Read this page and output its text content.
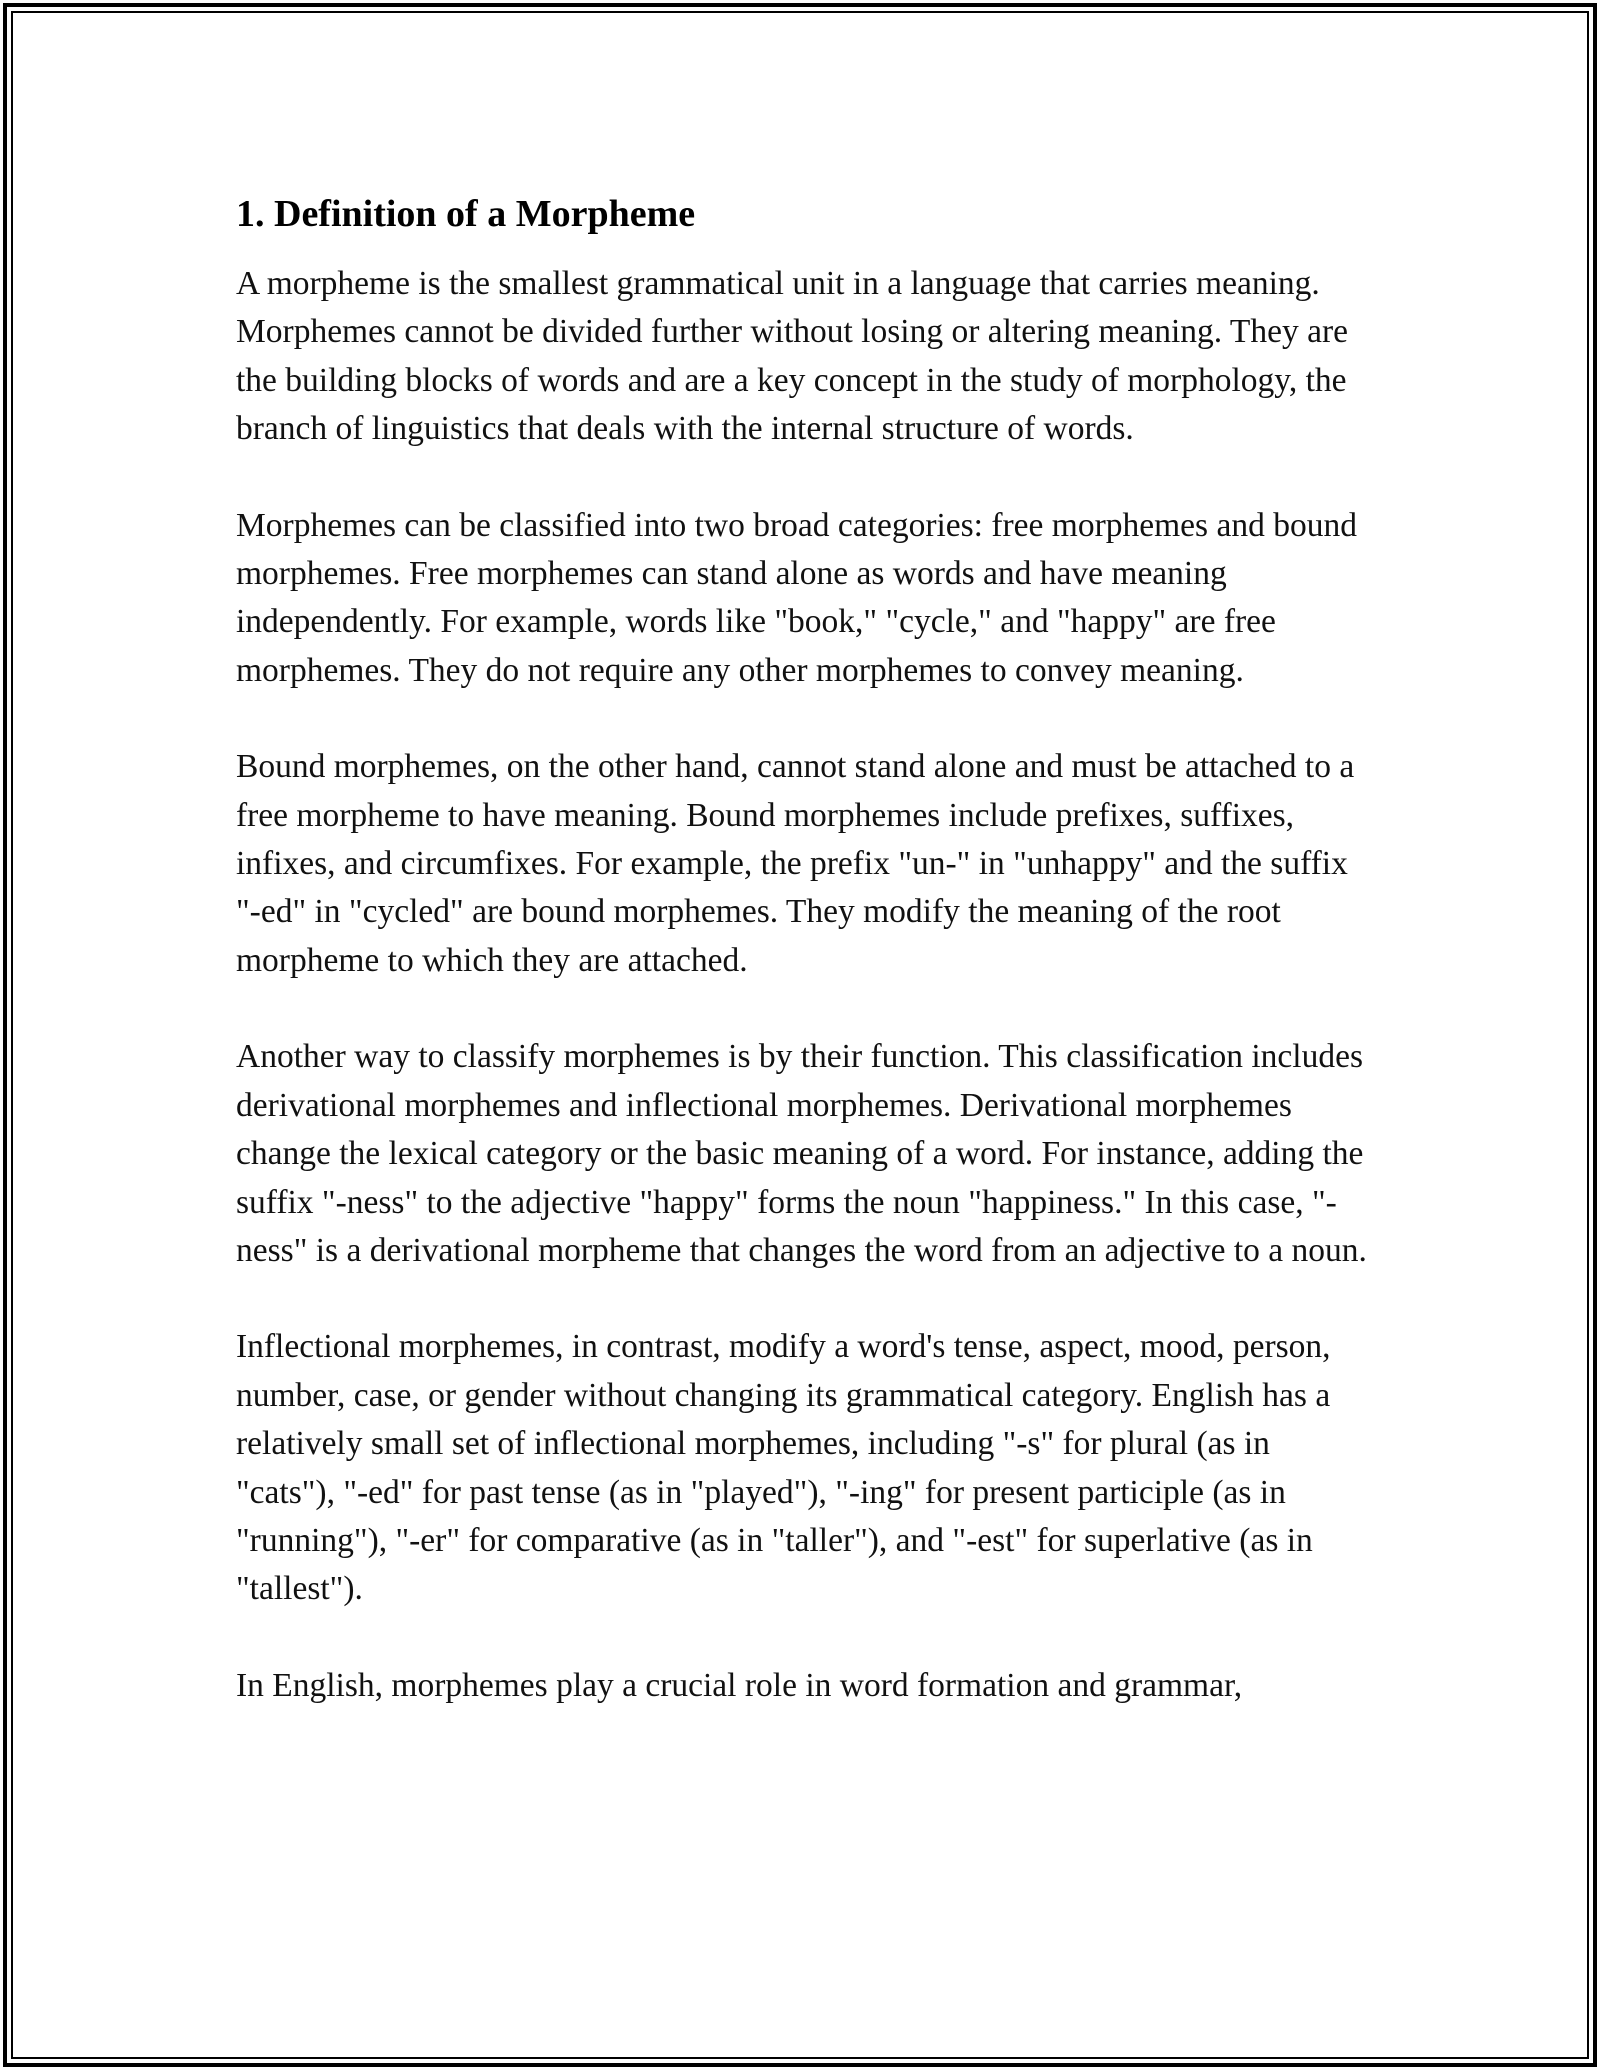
1. Definition of a Morpheme

A morpheme is the smallest grammatical unit in a language that carries meaning. Morphemes cannot be divided further without losing or altering meaning. They are the building blocks of words and are a key concept in the study of morphology, the branch of linguistics that deals with the internal structure of words.

Morphemes can be classified into two broad categories: free morphemes and bound morphemes. Free morphemes can stand alone as words and have meaning independently. For example, words like "book," "cycle," and "happy" are free morphemes. They do not require any other morphemes to convey meaning.

Bound morphemes, on the other hand, cannot stand alone and must be attached to a free morpheme to have meaning. Bound morphemes include prefixes, suffixes, infixes, and circumfixes. For example, the prefix "un-" in "unhappy" and the suffix "-ed" in "cycled" are bound morphemes. They modify the meaning of the root morpheme to which they are attached.

Another way to classify morphemes is by their function. This classification includes derivational morphemes and inflectional morphemes. Derivational morphemes change the lexical category or the basic meaning of a word. For instance, adding the suffix "-ness" to the adjective "happy" forms the noun "happiness." In this case, "-ness" is a derivational morpheme that changes the word from an adjective to a noun.

Inflectional morphemes, in contrast, modify a word's tense, aspect, mood, person, number, case, or gender without changing its grammatical category. English has a relatively small set of inflectional morphemes, including "-s" for plural (as in "cats"), "-ed" for past tense (as in "played"), "-ing" for present participle (as in "running"), "-er" for comparative (as in "taller"), and "-est" for superlative (as in "tallest").

In English, morphemes play a crucial role in word formation and grammar,
